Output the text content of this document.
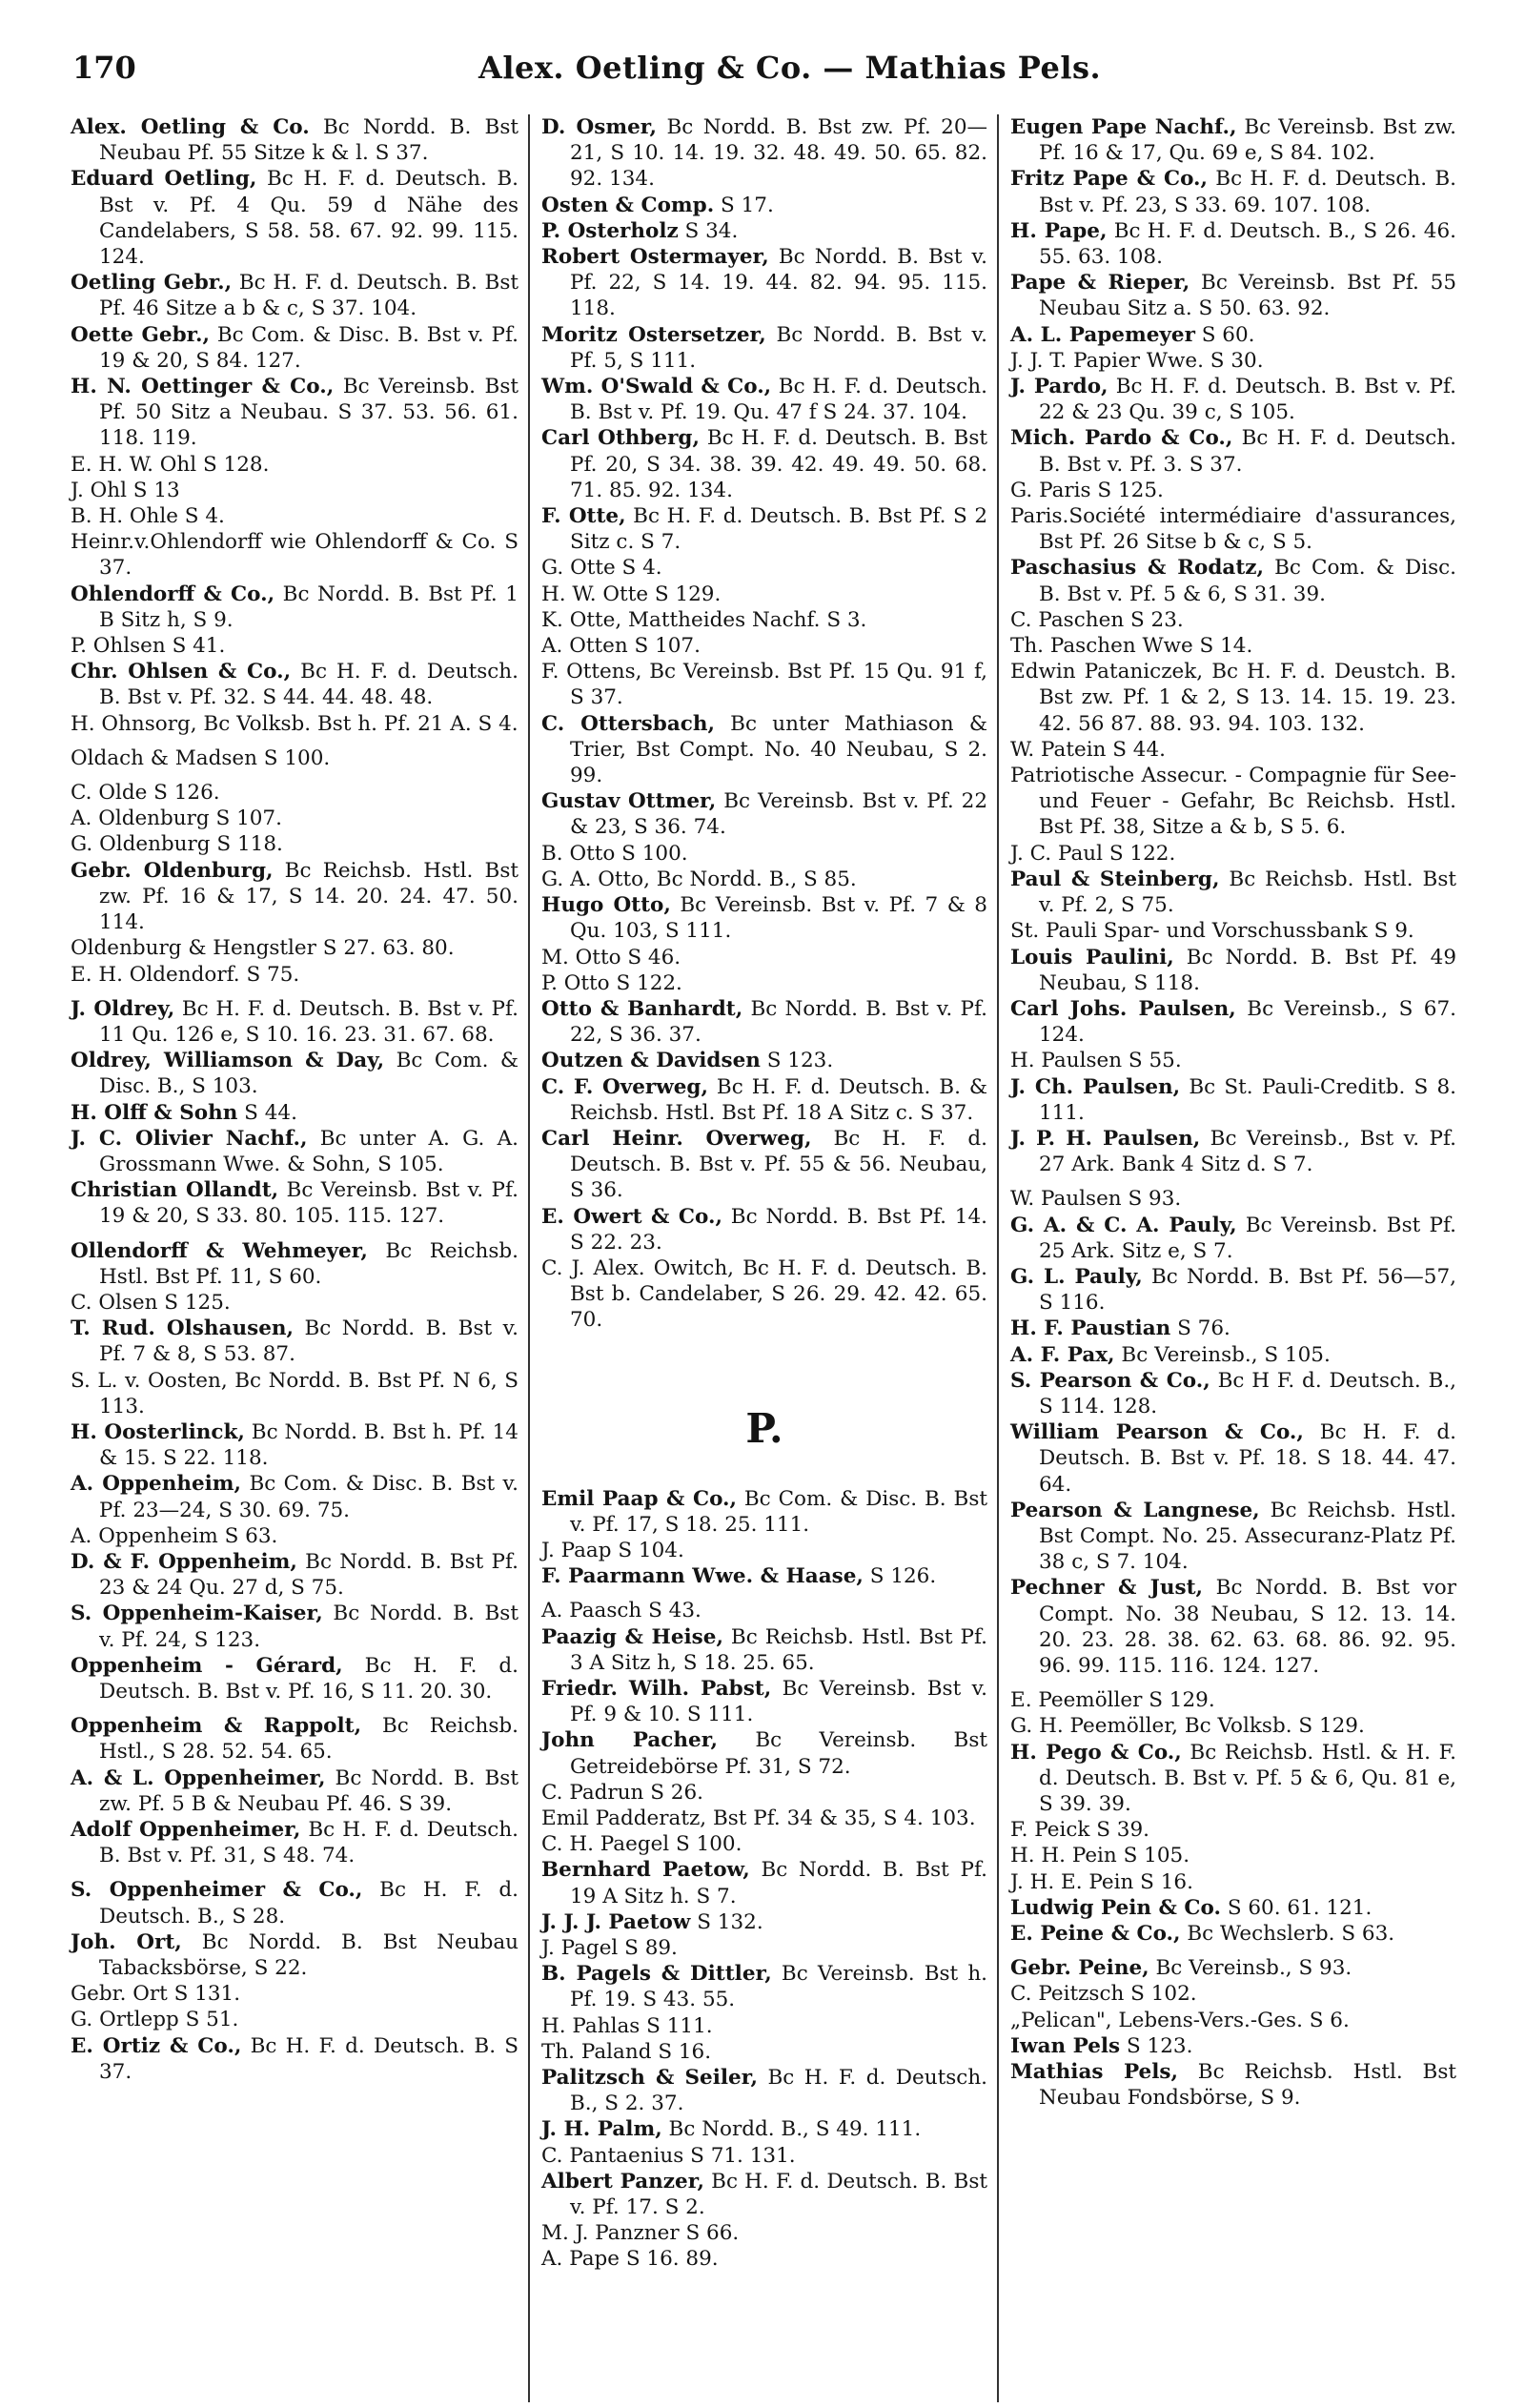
170	Alex. Oetling & Co. — Mathias Pels.

Alex. Oetling & Co. Bc Nordd. B. Bst Neubau Pf. 55 Sitze k & l. S 37.

Eduard Oetling, Bc H. F. d. Deutsch. B. Bst v. Pf. 4 Qu. 59 d Nähe des Candelabers, S 58. 58. 67. 92. 99. 115. 124.

Oetling Gebr., Bc H. F. d. Deutsch. B. Bst Pf. 46 Sitze a b & c, S 37. 104.

Oette Gebr., Bc Com. & Disc. B. Bst v. Pf. 19 & 20, S 84. 127.

H. N. Oettinger & Co., Bc Vereinsb. Bst Pf. 50 Sitz a Neubau. S 37. 53. 56. 61. 118. 119.

E. H. W. Ohl S 128.

J. Ohl S 13

B. H. Ohle S 4.

Heinr.v.Ohlendorff wie Ohlendorff & Co. S 37.

Ohlendorff & Co., Bc Nordd. B. Bst Pf. 1 B Sitz h, S 9.

P. Ohlsen S 41.

Chr. Ohlsen & Co., Bc H. F. d. Deutsch. B. Bst v. Pf. 32. S 44. 44. 48. 48.

H. Ohnsorg, Bc Volksb. Bst h. Pf. 21 A. S 4.

Oldach & Madsen S 100.

C. Olde S 126.

A. Oldenburg S 107.

G. Oldenburg S 118.

Gebr. Oldenburg, Bc Reichsb. Hstl. Bst zw. Pf. 16 & 17, S 14. 20. 24. 47. 50. 114.

Oldenburg & Hengstler S 27. 63. 80.

E. H. Oldendorf. S 75.

J. Oldrey, Bc H. F. d. Deutsch. B. Bst v. Pf. 11 Qu. 126 e, S 10. 16. 23. 31. 67. 68.

Oldrey, Williamson & Day, Bc Com. & Disc. B., S 103.

H. Olff & Sohn S 44.

J. C. Olivier Nachf., Bc unter A. G. A. Grossmann Wwe. & Sohn, S 105.

Christian Ollandt, Bc Vereinsb. Bst v. Pf. 19 & 20, S 33. 80. 105. 115. 127.

Ollendorff & Wehmeyer, Bc Reichsb. Hstl. Bst Pf. 11, S 60.

C. Olsen S 125.

T. Rud. Olshausen, Bc Nordd. B. Bst v. Pf. 7 & 8, S 53. 87.

S. L. v. Oosten, Bc Nordd. B. Bst Pf. N 6, S 113.

H. Oosterlinck, Bc Nordd. B. Bst h. Pf. 14 & 15. S 22. 118.

A. Oppenheim, Bc Com. & Disc. B. Bst v. Pf. 23—24, S 30. 69. 75.

A. Oppenheim S 63.

D. & F. Oppenheim, Bc Nordd. B. Bst Pf. 23 & 24 Qu. 27 d, S 75.

S. Oppenheim-Kaiser, Bc Nordd. B. Bst v. Pf. 24, S 123.

Oppenheim - Gérard, Bc H. F. d. Deutsch. B. Bst v. Pf. 16, S 11. 20. 30.

Oppenheim & Rappolt, Bc Reichsb. Hstl., S 28. 52. 54. 65.

A. & L. Oppenheimer, Bc Nordd. B. Bst zw. Pf. 5 B & Neubau Pf. 46. S 39.

Adolf Oppenheimer, Bc H. F. d. Deutsch. B. Bst v. Pf. 31, S 48. 74.

S. Oppenheimer & Co., Bc H. F. d. Deutsch. B., S 28.

Joh. Ort, Bc Nordd. B. Bst Neubau Tabacksbörse, S 22.

Gebr. Ort S 131.

G. Ortlepp S 51.

E. Ortiz & Co., Bc H. F. d. Deutsch. B. S 37.

D. Osmer, Bc Nordd. B. Bst zw. Pf. 20—21, S 10. 14. 19. 32. 48. 49. 50. 65. 82. 92. 134.

Osten & Comp. S 17.

P. Osterholz S 34.

Robert Ostermayer, Bc Nordd. B. Bst v. Pf. 22, S 14. 19. 44. 82. 94. 95. 115. 118.

Moritz Ostersetzer, Bc Nordd. B. Bst v. Pf. 5, S 111.

Wm. O'Swald & Co., Bc H. F. d. Deutsch. B. Bst v. Pf. 19. Qu. 47 f S 24. 37. 104.

Carl Othberg, Bc H. F. d. Deutsch. B. Bst Pf. 20, S 34. 38. 39. 42. 49. 49. 50. 68. 71. 85. 92. 134.

F. Otte, Bc H. F. d. Deutsch. B. Bst Pf. S 2 Sitz c. S 7.

G. Otte S 4.

H. W. Otte S 129.

K. Otte, Mattheides Nachf. S 3.

A. Otten S 107.

F. Ottens, Bc Vereinsb. Bst Pf. 15 Qu. 91 f, S 37.

C. Ottersbach, Bc unter Mathiason & Trier, Bst Compt. No. 40 Neubau, S 2. 99.

Gustav Ottmer, Bc Vereinsb. Bst v. Pf. 22 & 23, S 36. 74.

B. Otto S 100.

G. A. Otto, Bc Nordd. B., S 85.

Hugo Otto, Bc Vereinsb. Bst v. Pf. 7 & 8 Qu. 103, S 111.

M. Otto S 46.

P. Otto S 122.

Otto & Banhardt, Bc Nordd. B. Bst v. Pf. 22, S 36. 37.

Outzen & Davidsen S 123.

C. F. Overweg, Bc H. F. d. Deutsch. B. & Reichsb. Hstl. Bst Pf. 18 A Sitz c. S 37.

Carl Heinr. Overweg, Bc H. F. d. Deutsch. B. Bst v. Pf. 55 & 56. Neubau, S 36.

E. Owert & Co., Bc Nordd. B. Bst Pf. 14. S 22. 23.

C. J. Alex. Owitch, Bc H. F. d. Deutsch. B. Bst b. Candelaber, S 26. 29. 42. 42. 65. 70.

P.

Emil Paap & Co., Bc Com. & Disc. B. Bst v. Pf. 17, S 18. 25. 111.

J. Paap S 104.

F. Paarmann Wwe. & Haase, S 126.

A. Paasch S 43.

Paazig & Heise, Bc Reichsb. Hstl. Bst Pf. 3 A Sitz h, S 18. 25. 65.

Friedr. Wilh. Pabst, Bc Vereinsb. Bst v. Pf. 9 & 10. S 111.

John Pacher, Bc Vereinsb. Bst Getreidebörse Pf. 31, S 72.

C. Padrun S 26.

Emil Padderatz, Bst Pf. 34 & 35, S 4. 103.

C. H. Paegel S 100.

Bernhard Paetow, Bc Nordd. B. Bst Pf. 19 A Sitz h. S 7.

J. J. J. Paetow S 132.

J. Pagel S 89.

B. Pagels & Dittler, Bc Vereinsb. Bst h. Pf. 19. S 43. 55.

H. Pahlas S 111.

Th. Paland S 16.

Palitzsch & Seiler, Bc H. F. d. Deutsch. B., S 2. 37.

J. H. Palm, Bc Nordd. B., S 49. 111.

C. Pantaenius S 71. 131.

Albert Panzer, Bc H. F. d. Deutsch. B. Bst v. Pf. 17. S 2.

M. J. Panzner S 66.

A. Pape S 16. 89.

Eugen Pape Nachf., Bc Vereinsb. Bst zw. Pf. 16 & 17, Qu. 69 e, S 84. 102.

Fritz Pape & Co., Bc H. F. d. Deutsch. B. Bst v. Pf. 23, S 33. 69. 107. 108.

H. Pape, Bc H. F. d. Deutsch. B., S 26. 46. 55. 63. 108.

Pape & Rieper, Bc Vereinsb. Bst Pf. 55 Neubau Sitz a. S 50. 63. 92.

A. L. Papemeyer S 60.

J. J. T. Papier Wwe. S 30.

J. Pardo, Bc H. F. d. Deutsch. B. Bst v. Pf. 22 & 23 Qu. 39 c, S 105.

Mich. Pardo & Co., Bc H. F. d. Deutsch. B. Bst v. Pf. 3. S 37.

G. Paris S 125.

Paris.Société intermédiaire d'assurances, Bst Pf. 26 Sitse b & c, S 5.

Paschasius & Rodatz, Bc Com. & Disc. B. Bst v. Pf. 5 & 6, S 31. 39.

C. Paschen S 23.

Th. Paschen Wwe S 14.

Edwin Pataniczek, Bc H. F. d. Deustch. B. Bst zw. Pf. 1 & 2, S 13. 14. 15. 19. 23. 42. 56 87. 88. 93. 94. 103. 132.

W. Patein S 44.

Patriotische Assecur. - Compagnie für See- und Feuer - Gefahr, Bc Reichsb. Hstl. Bst Pf. 38, Sitze a & b, S 5. 6.

J. C. Paul S 122.

Paul & Steinberg, Bc Reichsb. Hstl. Bst v. Pf. 2, S 75.

St. Pauli Spar- und Vorschussbank S 9.

Louis Paulini, Bc Nordd. B. Bst Pf. 49 Neubau, S 118.

Carl Johs. Paulsen, Bc Vereinsb., S 67. 124.

H. Paulsen S 55.

J. Ch. Paulsen, Bc St. Pauli-Creditb. S 8. 111.

J. P. H. Paulsen, Bc Vereinsb., Bst v. Pf. 27 Ark. Bank 4 Sitz d. S 7.

W. Paulsen S 93.

G. A. & C. A. Pauly, Bc Vereinsb. Bst Pf. 25 Ark. Sitz e, S 7.

G. L. Pauly, Bc Nordd. B. Bst Pf. 56—57, S 116.

H. F. Paustian S 76.

A. F. Pax, Bc Vereinsb., S 105.

S. Pearson & Co., Bc H F. d. Deutsch. B., S 114. 128.

William Pearson & Co., Bc H. F. d. Deutsch. B. Bst v. Pf. 18. S 18. 44. 47. 64.

Pearson & Langnese, Bc Reichsb. Hstl. Bst Compt. No. 25. Assecuranz-Platz Pf. 38 c, S 7. 104.

Pechner & Just, Bc Nordd. B. Bst vor Compt. No. 38 Neubau, S 12. 13. 14. 20. 23. 28. 38. 62. 63. 68. 86. 92. 95. 96. 99. 115. 116. 124. 127.

E. Peemöller S 129.

G. H. Peemöller, Bc Volksb. S 129.

H. Pego & Co., Bc Reichsb. Hstl. & H. F. d. Deutsch. B. Bst v. Pf. 5 & 6, Qu. 81 e, S 39. 39.

F. Peick S 39.

H. H. Pein S 105.

J. H. E. Pein S 16.

Ludwig Pein & Co. S 60. 61. 121.

E. Peine & Co., Bc Wechslerb. S 63.

Gebr. Peine, Bc Vereinsb., S 93.

C. Peitzsch S 102.

„Pelican", Lebens-Vers.-Ges. S 6.

Iwan Pels S 123.

Mathias Pels, Bc Reichsb. Hstl. Bst Neubau Fondsbörse, S 9.
